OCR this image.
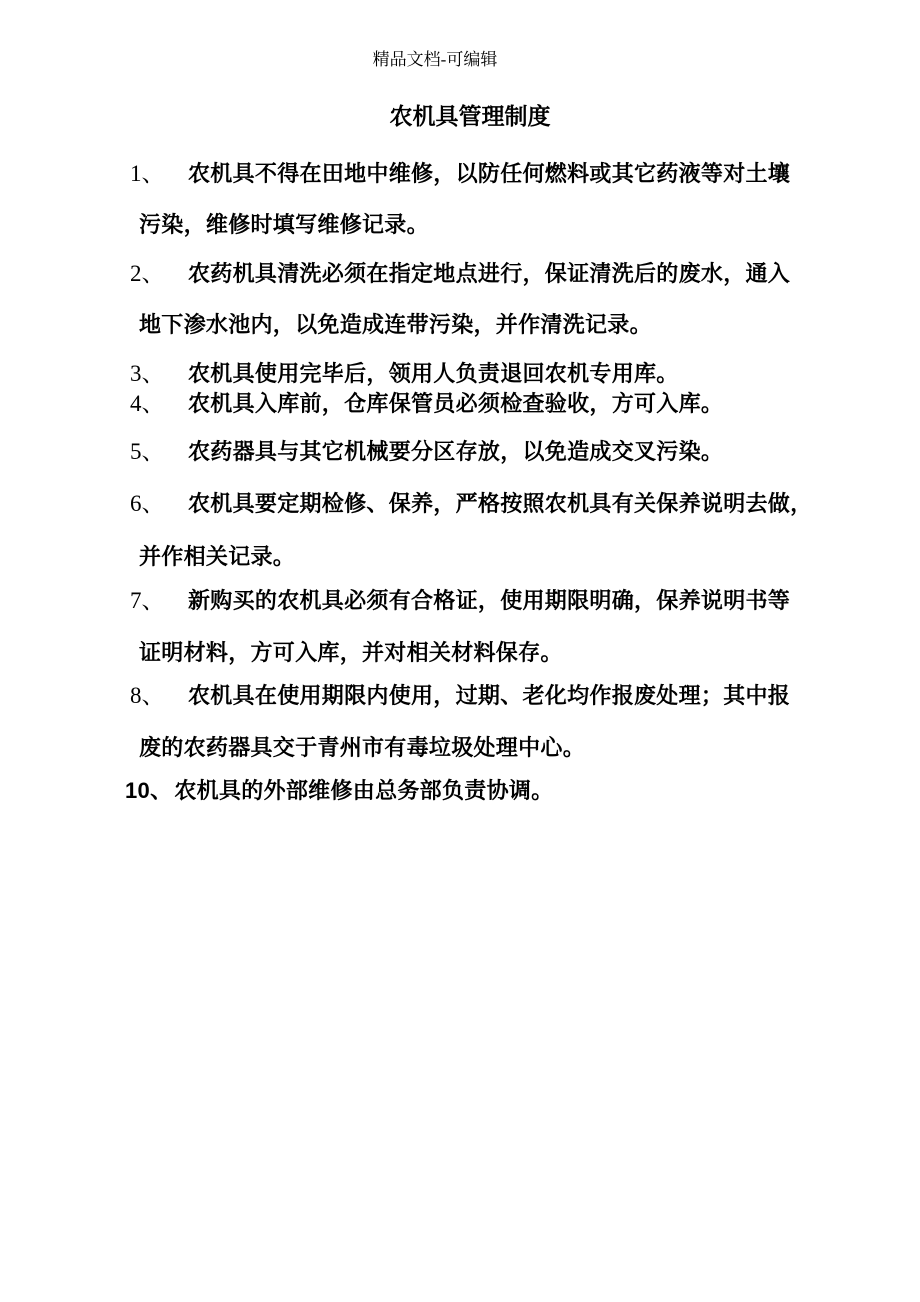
精品文档-可编辑
农机具管理制度
1、 农机具不得在田地中维修，以防任何燃料或其它药液等对土壤
污染，维修时填写维修记录。
2、 农药机具清洗必须在指定地点进行，保证清洗后的废水，通入
地下渗水池内，以免造成连带污染，并作清洗记录。
3、 农机具使用完毕后，领用人负责退回农机专用库。
4、 农机具入库前，仓库保管员必须检查验收，方可入库。
5、 农药器具与其它机械要分区存放，以免造成交叉污染。
6、 农机具要定期检修、保养，严格按照农机具有关保养说明去做，
并作相关记录。
7、 新购买的农机具必须有合格证，使用期限明确，保养说明书等
证明材料，方可入库，并对相关材料保存。
8、 农机具在使用期限内使用，过期、老化均作报废处理；其中报
废的农药器具交于青州市有毒垃圾处理中心。
10、农机具的外部维修由总务部负责协调。
